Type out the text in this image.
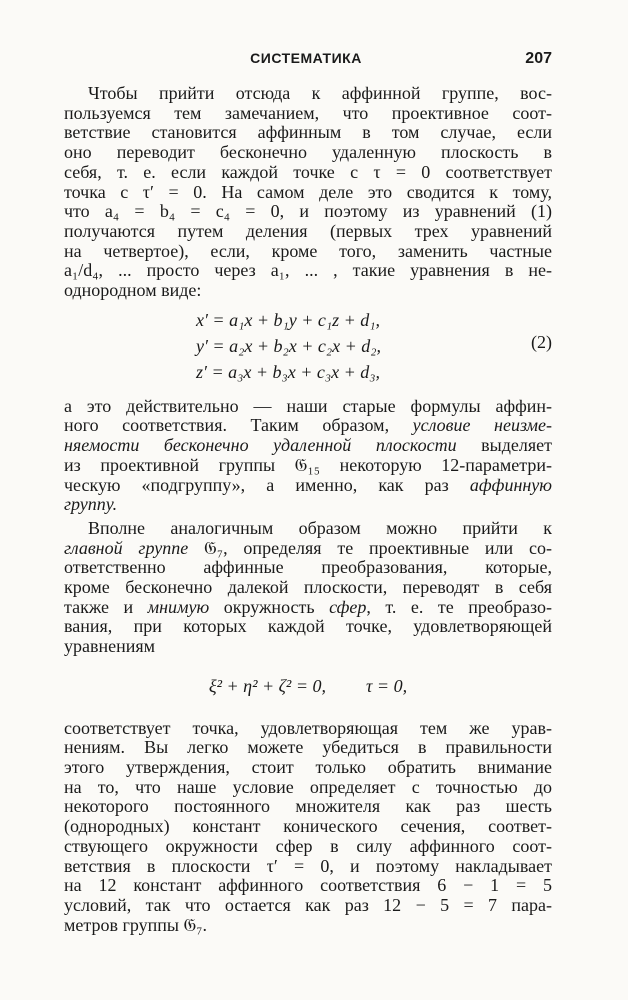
СИСТЕМАТИКА	207
Чтобы прийти отсюда к аффинной группе, вос-
пользуемся тем замечанием, что проективное соот-
ветствие становится аффинным в том случае, если
оно переводит бесконечно удаленную плоскость в
себя, т. е. если каждой точке с τ = 0 соответствует
точка с τ′ = 0. На самом деле это сводится к тому,
что a₄ = b₄ = c₄ = 0, и поэтому из уравнений (1)
получаются путем деления (первых трех уравнений
на четвертое), если, кроме того, заменить частные
a₁/d₄, ... просто через a₁, ... , такие уравнения в не-
однородном виде:
x′ = a₁x + b₁y + c₁z + d₁,
y′ = a₂x + b₂x + c₂x + d₂,
z′ = a₃x + b₃x + c₃x + d₃,
(2)
а это действительно — наши старые формулы аффин-
ного соответствия. Таким образом, условие неизме-
няемости бесконечно удаленной плоскости выделяет
из проективной группы 𝔊₁₅ некоторую 12-параметри-
ческую «подгруппу», а именно, как раз аффинную
группу.
Вполне аналогичным образом можно прийти к
главной группе 𝔊₇, определяя те проективные или со-
ответственно аффинные преобразования, которые,
кроме бесконечно далекой плоскости, переводят в себя
также и мнимую окружность сфер, т. е. те преобразо-
вания, при которых каждой точке, удовлетворяющей
уравнениям
ξ² + η² + ζ² = 0, τ = 0,
соответствует точка, удовлетворяющая тем же урав-
нениям. Вы легко можете убедиться в правильности
этого утверждения, стоит только обратить внимание
на то, что наше условие определяет с точностью до
некоторого постоянного множителя как раз шесть
(однородных) констант конического сечения, соответ-
ствующего окружности сфер в силу аффинного соот-
ветствия в плоскости τ′ = 0, и поэтому накладывает
на 12 констант аффинного соответствия 6 − 1 = 5
условий, так что остается как раз 12 − 5 = 7 пара-
метров группы 𝔊₇.
